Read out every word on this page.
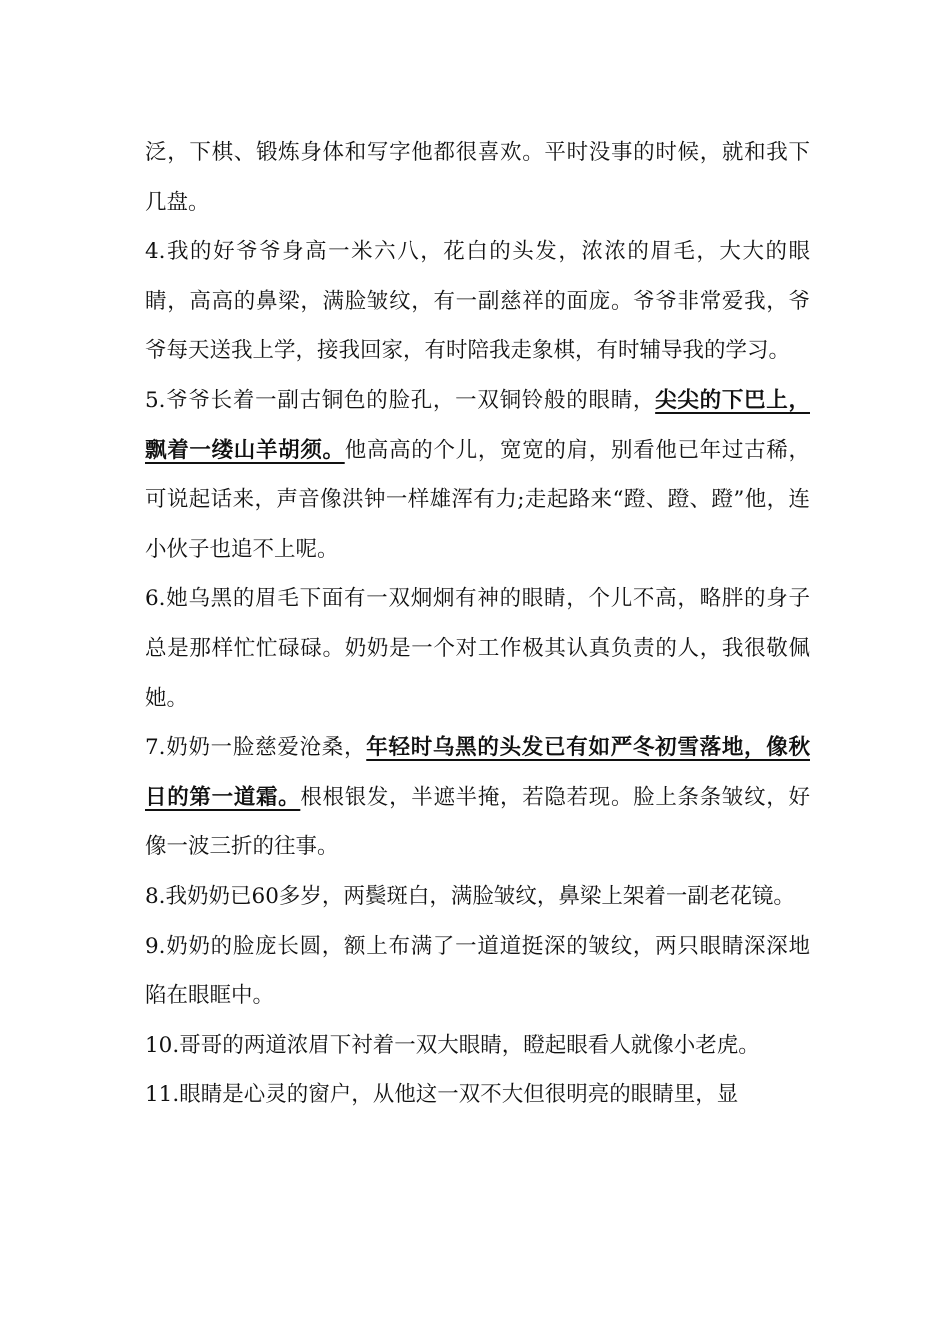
泛，下棋、锻炼身体和写字他都很喜欢。平时没事的时候，就和我下几盘。

4.我的好爷爷身高一米六八，花白的头发，浓浓的眉毛，大大的眼睛，高高的鼻梁，满脸皱纹，有一副慈祥的面庞。爷爷非常爱我，爷爷每天送我上学，接我回家，有时陪我走象棋，有时辅导我的学习。

5.爷爷长着一副古铜色的脸孔，一双铜铃般的眼睛，尖尖的下巴上，飘着一缕山羊胡须。他高高的个儿，宽宽的肩，别看他已年过古稀，可说起话来，声音像洪钟一样雄浑有力;走起路来“蹬、蹬、蹬”他，连小伙子也追不上呢。

6.她乌黑的眉毛下面有一双炯炯有神的眼睛，个儿不高，略胖的身子总是那样忙忙碌碌。奶奶是一个对工作极其认真负责的人，我很敬佩她。

7.奶奶一脸慈爱沧桑，年轻时乌黑的头发已有如严冬初雪落地，像秋日的第一道霜。根根银发，半遮半掩，若隐若现。脸上条条皱纹，好像一波三折的往事。

8.我奶奶已60多岁，两鬓斑白，满脸皱纹，鼻梁上架着一副老花镜。

9.奶奶的脸庞长圆，额上布满了一道道挺深的皱纹，两只眼睛深深地陷在眼眶中。

10.哥哥的两道浓眉下衬着一双大眼睛，瞪起眼看人就像小老虎。

11.眼睛是心灵的窗户，从他这一双不大但很明亮的眼睛里，显
